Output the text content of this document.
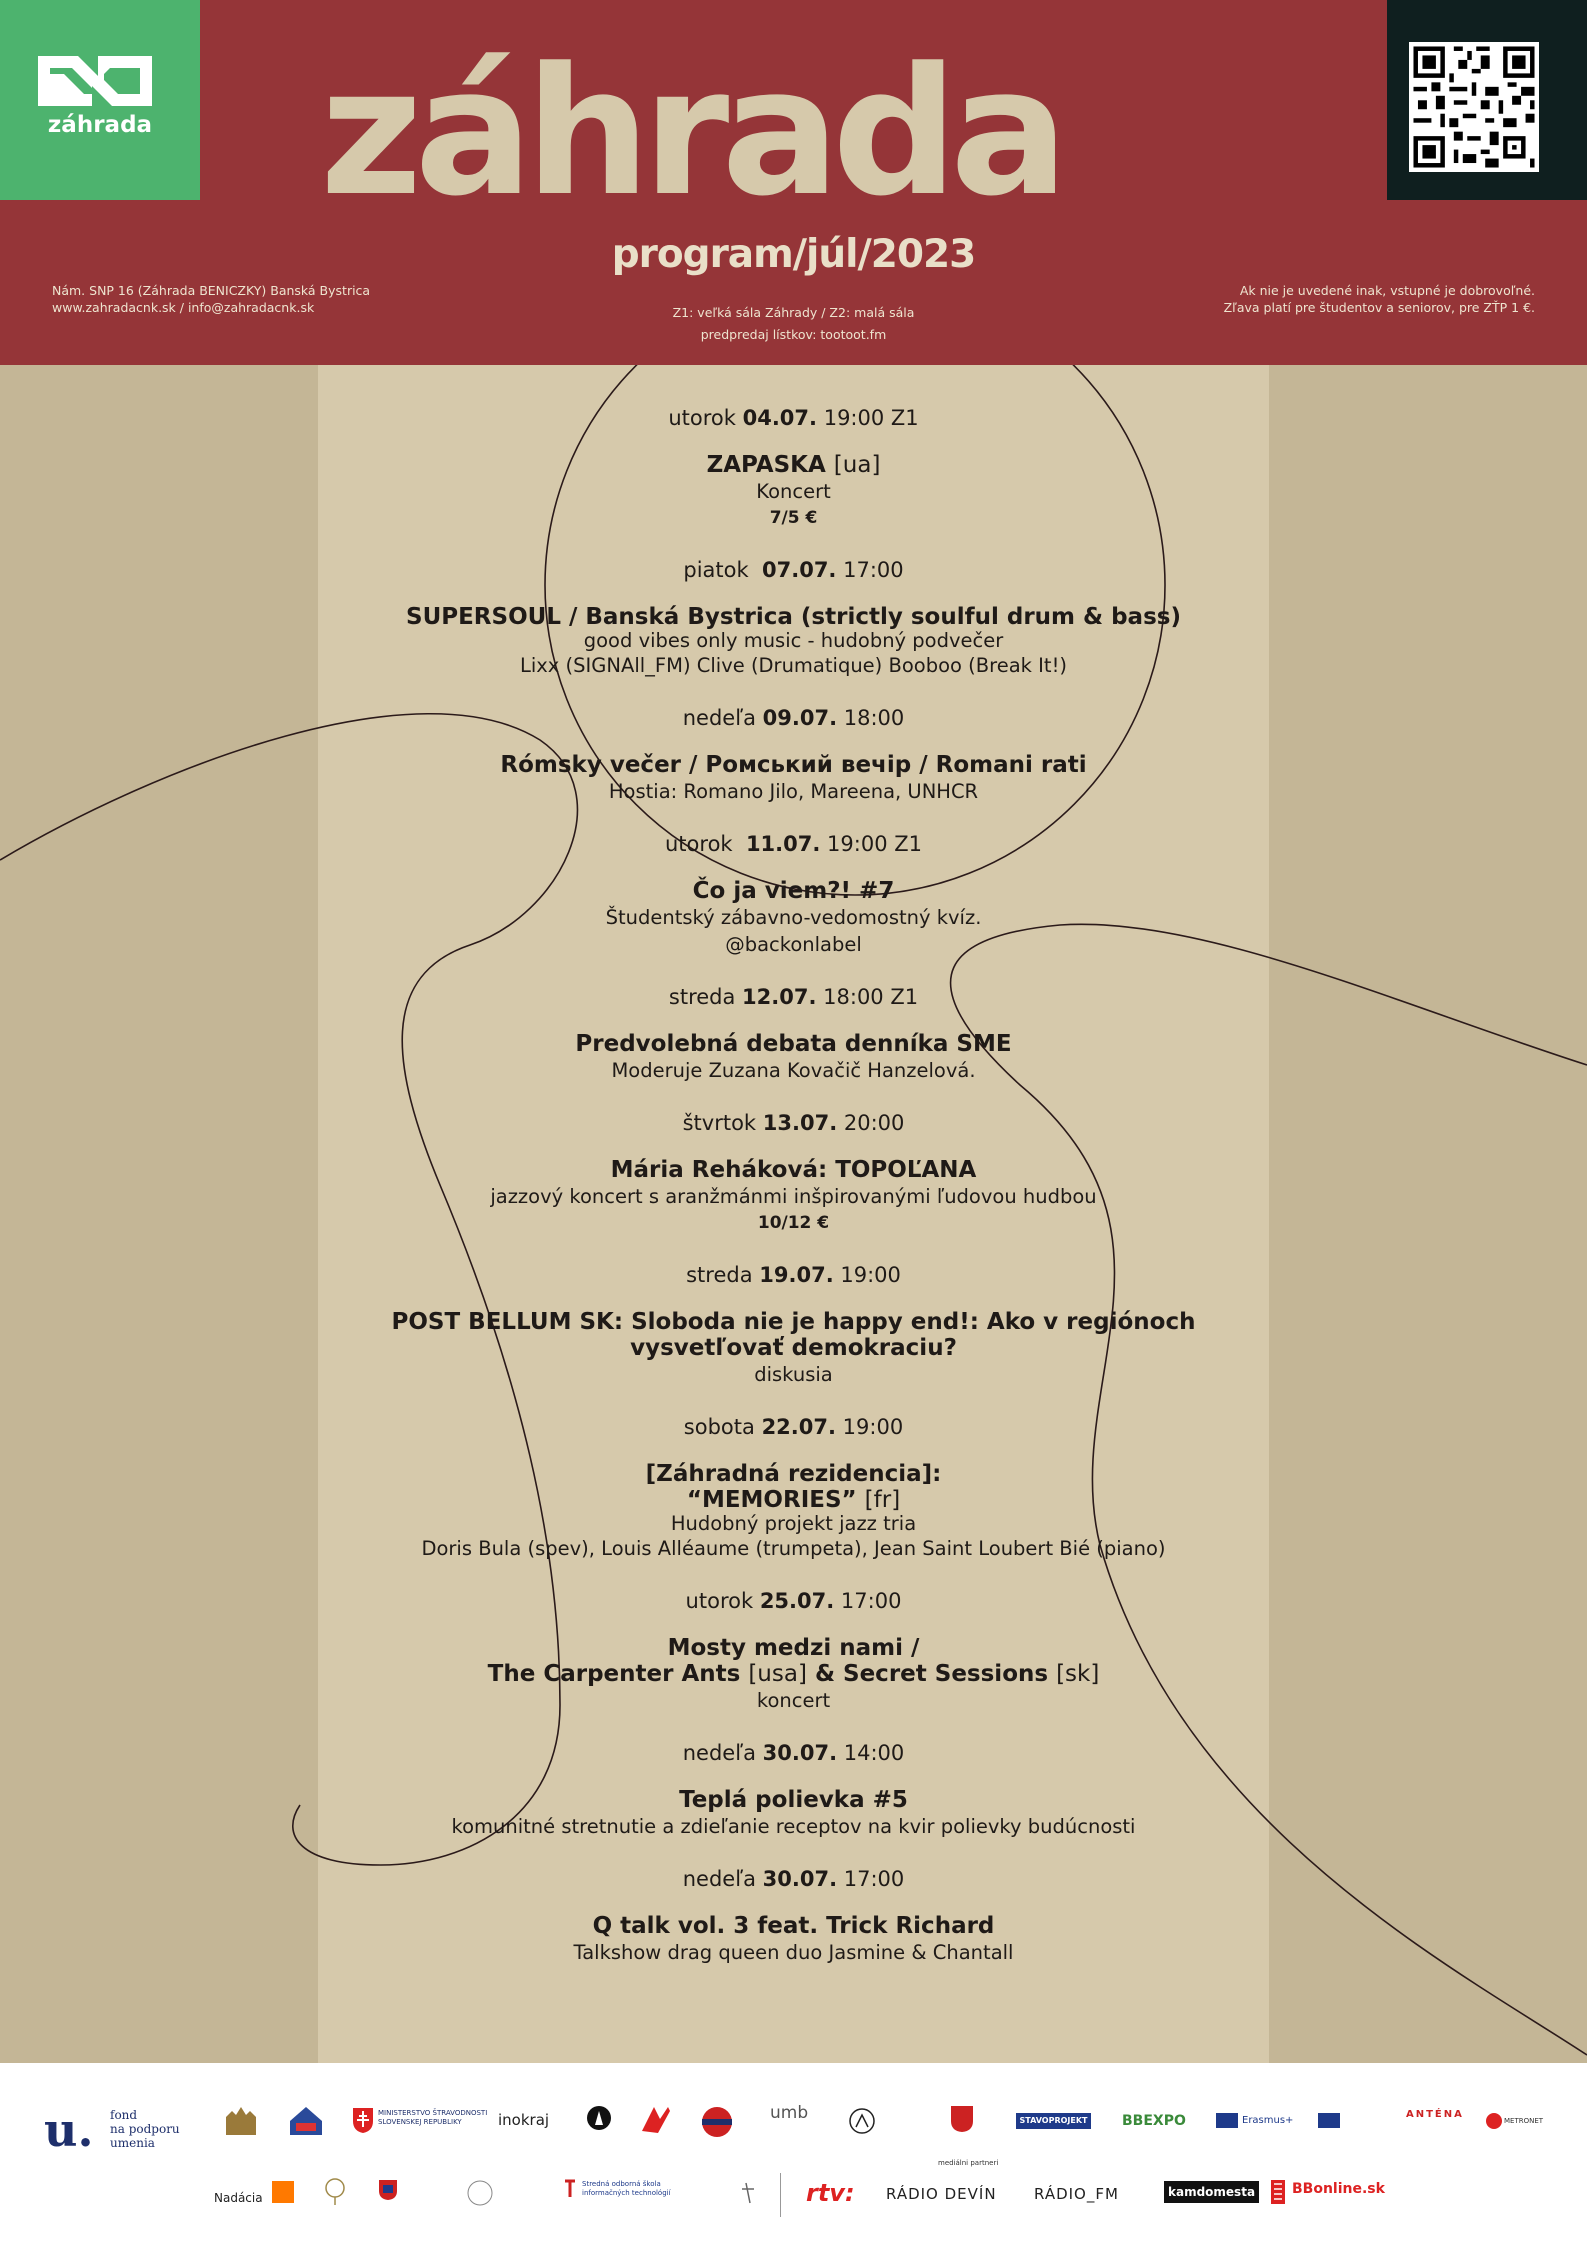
záhrada záhrada
program/júl/2023
Nám. SNP 16 (Záhrada BENICZKY) Banská Bystrica
www.zahradacnk.sk / info@zahradacnk.sk	Z1: veľká sála Záhrady / Z2: malá sála
predpredaj lístkov: tootoot.fm
Ak nie je uvedené inak, vstupné je dobrovoľné.
Zľava platí pre študentov a seniorov, pre ZŤP 1 €.
utorok 04.07. 19:00 Z1
ZAPASKA [ua]
Koncert
7/5 €
piatok 07.07. 17:00
SUPERSOUL / Banská Bystrica (strictly soulful drum & bass)
good vibes only music - hudobný podvečer
Lixx (SIGNAll_FM) Clive (Drumatique) Booboo (Break It!)
nedeľa 09.07. 18:00
Rómsky večer / Ромський вечір / Romani rati
Hostia: Romano Jilo, Mareena, UNHCR
utorok 11.07. 19:00 Z1
Čo ja viem?! #7
Študentský zábavno-vedomostný kvíz.
@backonlabel
streda 12.07. 18:00 Z1
Predvolebná debata denníka SME
Moderuje Zuzana Kovačič Hanzelová.
štvrtok 13.07. 20:00
Mária Reháková: TOPOĽANA
jazzový koncert s aranžmánmi inšpirovanými ľudovou hudbou
10/12 €
streda 19.07. 19:00
POST BELLUM SK: Sloboda nie je happy end!: Ako v regiónoch
vysvetľovať demokraciu?
diskusia
sobota 22.07. 19:00
[Záhradná rezidencia]:
“MEMORIES” [fr]
Hudobný projekt jazz tria
Doris Bula (spev), Louis Alléaume (trumpeta), Jean Saint Loubert Bié (piano)
utorok 25.07. 17:00
Mosty medzi nami /
The Carpenter Ants [usa] & Secret Sessions [sk]
koncert
nedeľa 30.07. 14:00
Teplá polievka #5
komunitné stretnutie a zdieľanie receptov na kvir polievky budúcnosti
nedeľa 30.07. 17:00
Q talk vol. 3 feat. Trick Richard
Talkshow drag queen duo Jasmine & Chantall
u. fond
na podporu
umenia
MINISTERSTVO ŠTRAVODNOSTI SLOVENSKEJ REPUBLIKY	inokraj	umb	STAVOPROJEKT BBEXPO	Erasmus+
ANTÉNA
METRONET
mediálni partneri
Nadácia
Stredná odborná škola informačných technológií	rtv: RÁDIO DEVÍN RÁDIO_FM	kamdomesta	BBonline.sk
